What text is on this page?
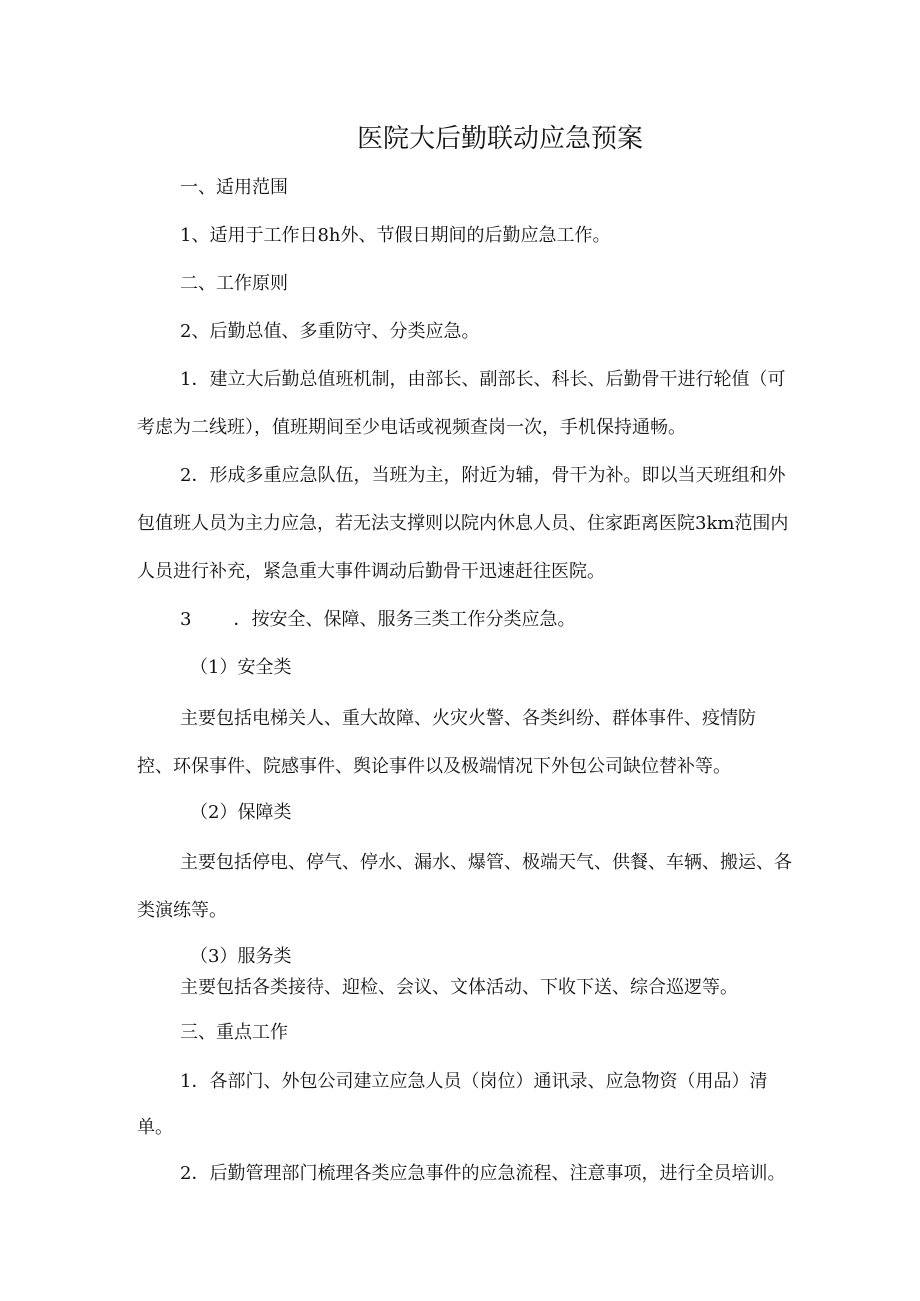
医院大后勤联动应急预案
一、适用范围
1、适用于工作日8h外、节假日期间的后勤应急工作。
二、工作原则
2、后勤总值、多重防守、分类应急。
1．建立大后勤总值班机制，由部长、副部长、科长、后勤骨干进行轮值（可
考虑为二线班），值班期间至少电话或视频查岗一次，手机保持通畅。
2．形成多重应急队伍，当班为主，附近为辅，骨干为补。即以当天班组和外
包值班人员为主力应急，若无法支撑则以院内休息人员、住家距离医院3km范围内
人员进行补充，紧急重大事件调动后勤骨干迅速赶往医院。
3 ．按安全、保障、服务三类工作分类应急。
（1）安全类
主要包括电梯关人、重大故障、火灾火警、各类纠纷、群体事件、疫情防
控、环保事件、院感事件、舆论事件以及极端情况下外包公司缺位替补等。
（2）保障类
主要包括停电、停气、停水、漏水、爆管、极端天气、供餐、车辆、搬运、各
类演练等。
（3）服务类
主要包括各类接待、迎检、会议、文体活动、下收下送、综合巡逻等。
三、重点工作
1．各部门、外包公司建立应急人员（岗位）通讯录、应急物资（用品）清
单。
2．后勤管理部门梳理各类应急事件的应急流程、注意事项，进行全员培训。
